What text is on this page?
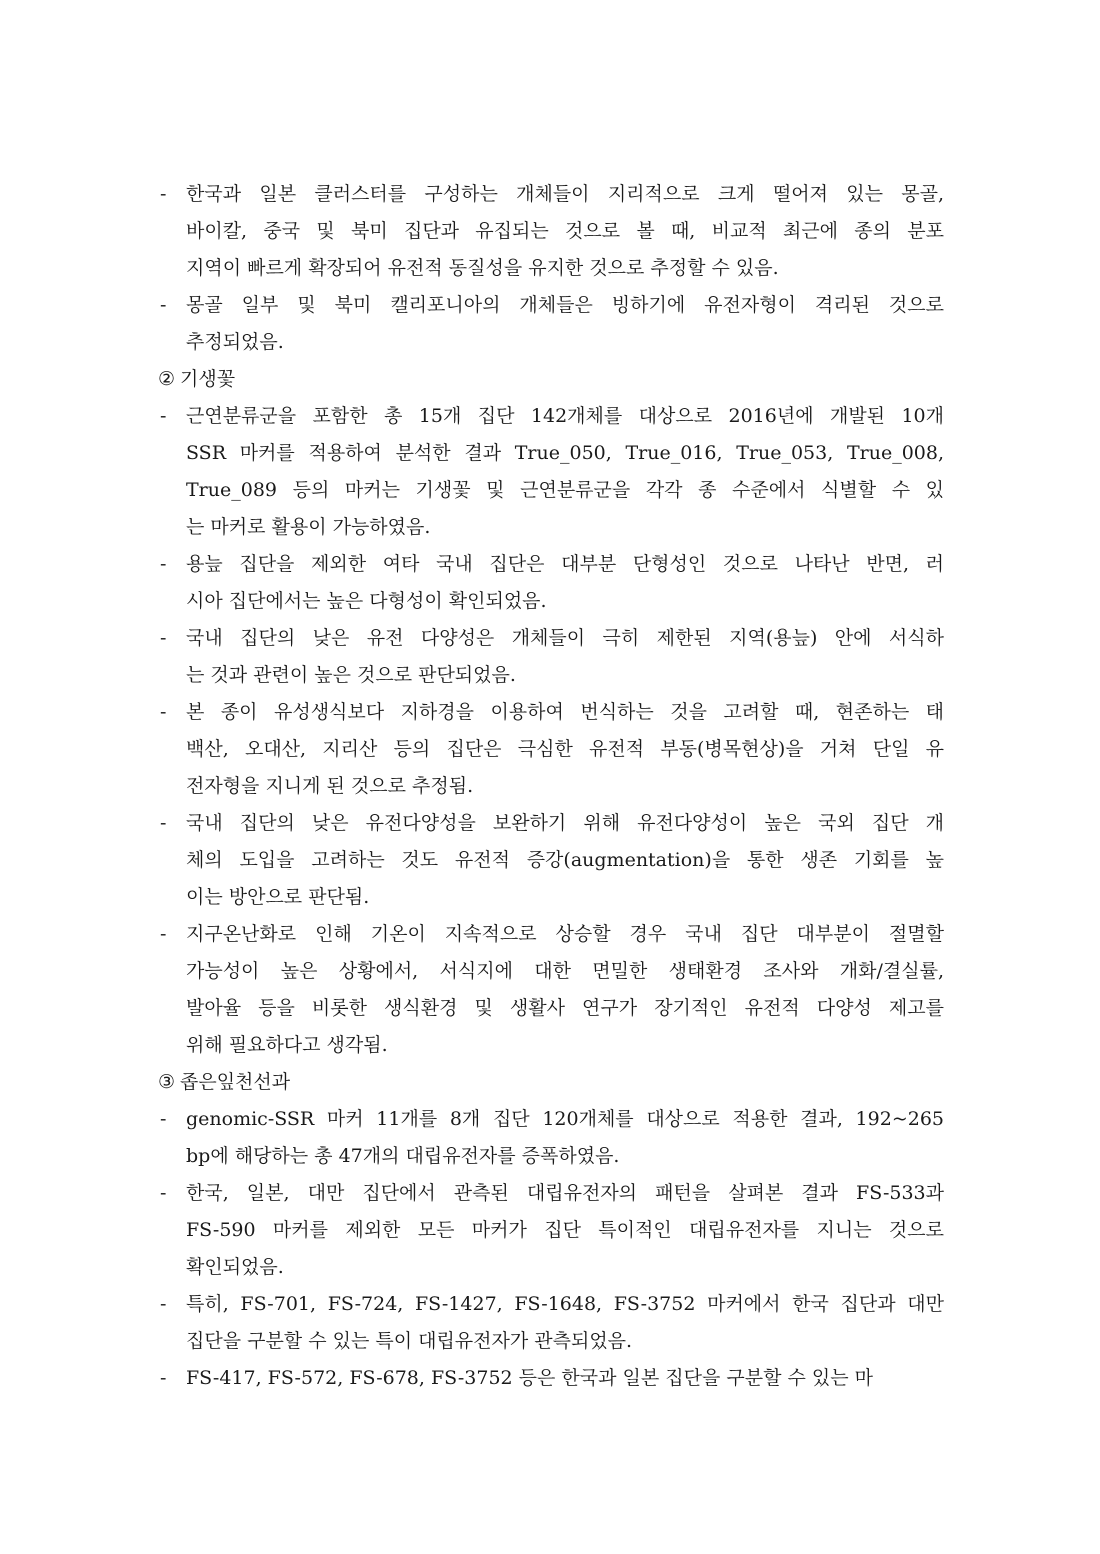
- 한국과 일본 클러스터를 구성하는 개체들이 지리적으로 크게 떨어져 있는 몽골,
바이칼, 중국 및 북미 집단과 유집되는 것으로 볼 때, 비교적 최근에 종의 분포
지역이 빠르게 확장되어 유전적 동질성을 유지한 것으로 추정할 수 있음.
- 몽골 일부 및 북미 캘리포니아의 개체들은 빙하기에 유전자형이 격리된 것으로
추정되었음.
② 기생꽃
- 근연분류군을 포함한 총 15개 집단 142개체를 대상으로 2016년에 개발된 10개
SSR 마커를 적용하여 분석한 결과 True_050, True_016, True_053, True_008,
True_089 등의 마커는 기생꽃 및 근연분류군을 각각 종 수준에서 식별할 수 있
는 마커로 활용이 가능하였음.
- 용늪 집단을 제외한 여타 국내 집단은 대부분 단형성인 것으로 나타난 반면, 러
시아 집단에서는 높은 다형성이 확인되었음.
- 국내 집단의 낮은 유전 다양성은 개체들이 극히 제한된 지역(용늪) 안에 서식하
는 것과 관련이 높은 것으로 판단되었음.
- 본 종이 유성생식보다 지하경을 이용하여 번식하는 것을 고려할 때, 현존하는 태
백산, 오대산, 지리산 등의 집단은 극심한 유전적 부동(병목현상)을 거쳐 단일 유
전자형을 지니게 된 것으로 추정됨.
- 국내 집단의 낮은 유전다양성을 보완하기 위해 유전다양성이 높은 국외 집단 개
체의 도입을 고려하는 것도 유전적 증강(augmentation)을 통한 생존 기회를 높
이는 방안으로 판단됨.
- 지구온난화로 인해 기온이 지속적으로 상승할 경우 국내 집단 대부분이 절멸할
가능성이 높은 상황에서, 서식지에 대한 면밀한 생태환경 조사와 개화/결실률,
발아율 등을 비롯한 생식환경 및 생활사 연구가 장기적인 유전적 다양성 제고를
위해 필요하다고 생각됨.
③ 좁은잎천선과
- genomic-SSR 마커 11개를 8개 집단 120개체를 대상으로 적용한 결과, 192~265
bp에 해당하는 총 47개의 대립유전자를 증폭하였음.
- 한국, 일본, 대만 집단에서 관측된 대립유전자의 패턴을 살펴본 결과 FS-533과
FS-590 마커를 제외한 모든 마커가 집단 특이적인 대립유전자를 지니는 것으로
확인되었음.
- 특히, FS-701, FS-724, FS-1427, FS-1648, FS-3752 마커에서 한국 집단과 대만
집단을 구분할 수 있는 특이 대립유전자가 관측되었음.
- FS-417, FS-572, FS-678, FS-3752 등은 한국과 일본 집단을 구분할 수 있는 마
